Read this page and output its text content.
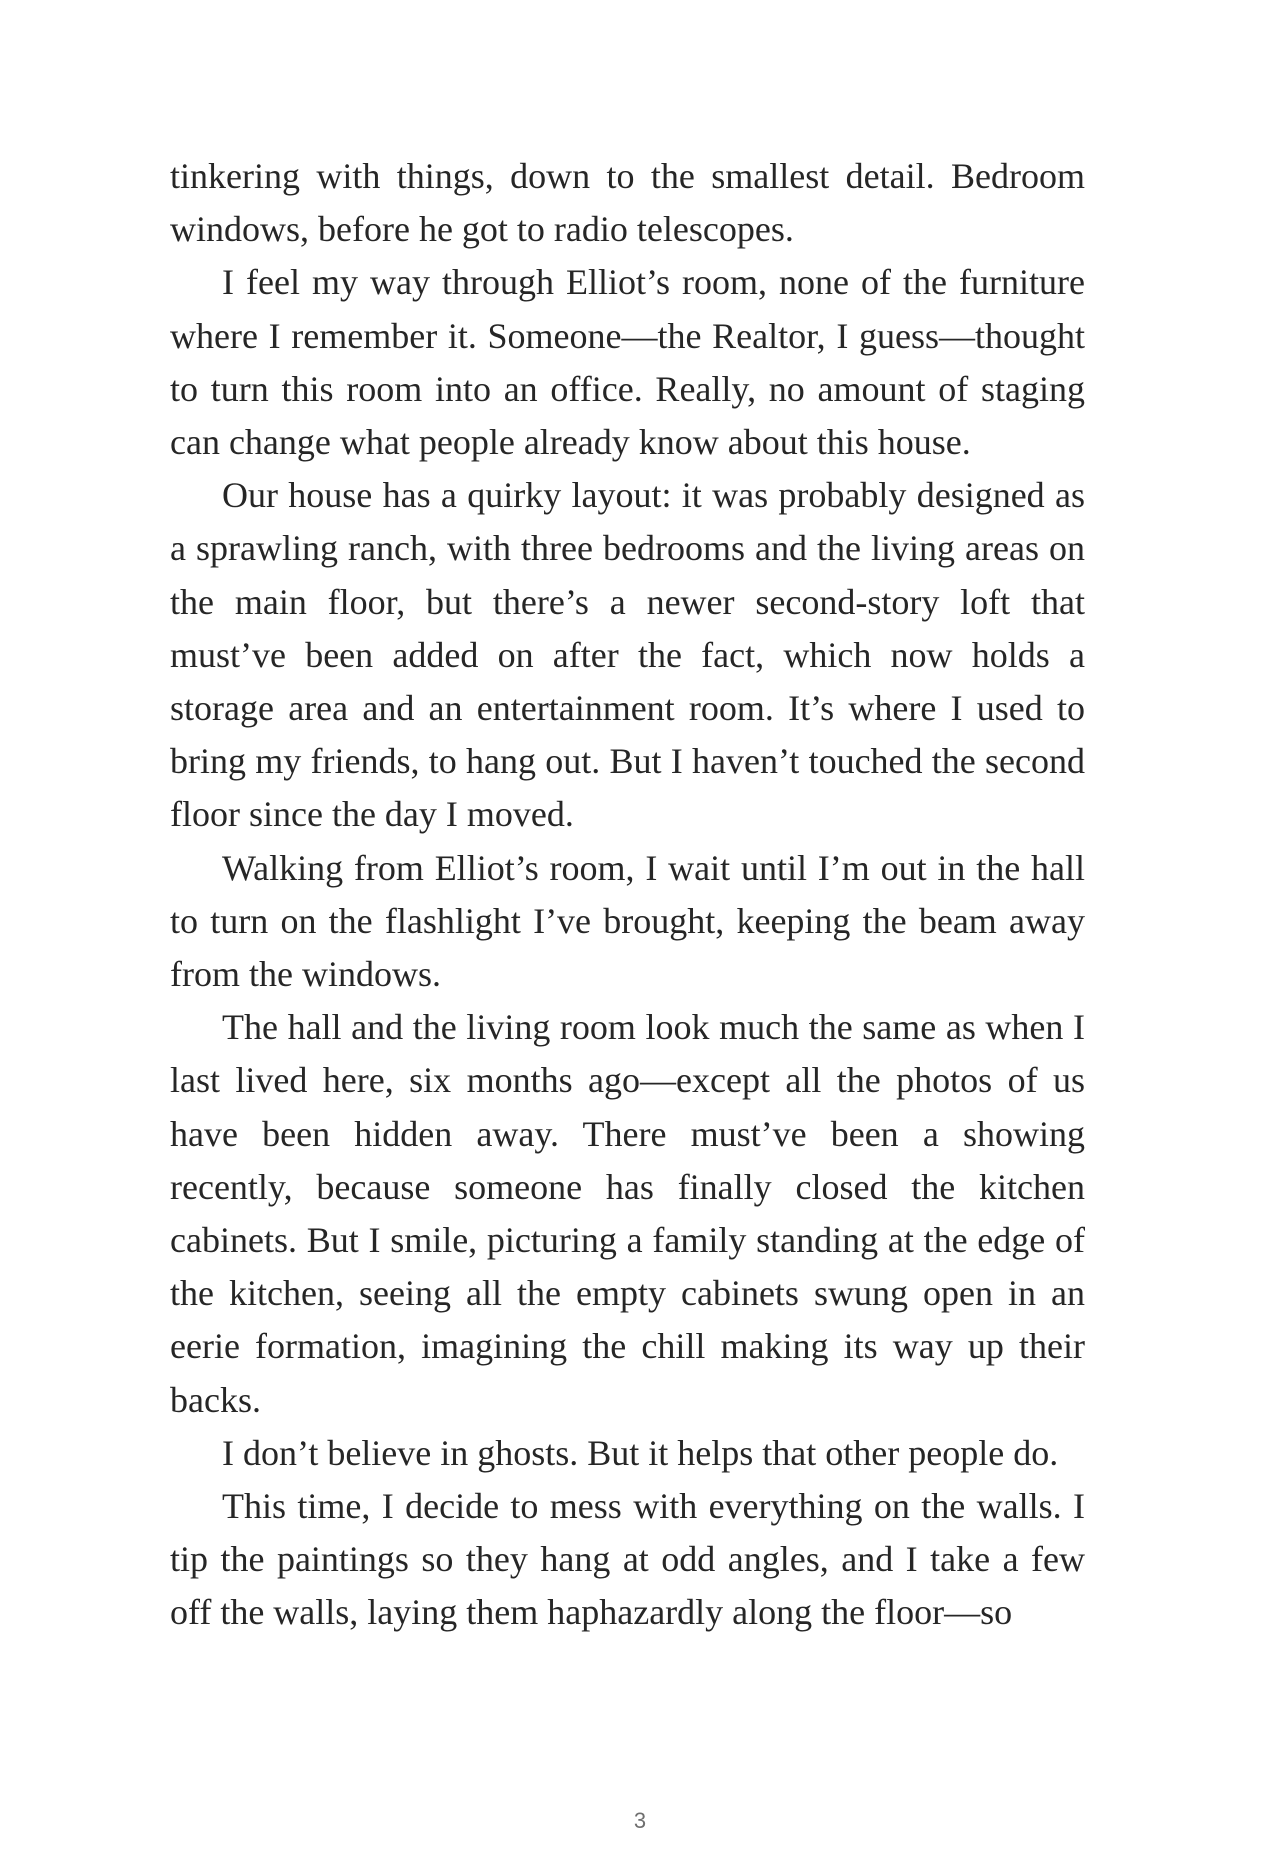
tinkering with things, down to the smallest detail. Bedroom windows, before he got to radio telescopes.

I feel my way through Elliot’s room, none of the furniture where I remember it. Someone—the Realtor, I guess—thought to turn this room into an office. Really, no amount of staging can change what people already know about this house.

Our house has a quirky layout: it was probably designed as a sprawling ranch, with three bedrooms and the living areas on the main floor, but there’s a newer second-story loft that must’ve been added on after the fact, which now holds a storage area and an entertainment room. It’s where I used to bring my friends, to hang out. But I haven’t touched the second floor since the day I moved.

Walking from Elliot’s room, I wait until I’m out in the hall to turn on the flashlight I’ve brought, keeping the beam away from the windows.

The hall and the living room look much the same as when I last lived here, six months ago—except all the photos of us have been hidden away. There must’ve been a showing recently, because someone has finally closed the kitchen cabinets. But I smile, picturing a family standing at the edge of the kitchen, seeing all the empty cabinets swung open in an eerie formation, imagining the chill making its way up their backs.

I don’t believe in ghosts. But it helps that other people do.

This time, I decide to mess with everything on the walls. I tip the paintings so they hang at odd angles, and I take a few off the walls, laying them haphazardly along the floor—so

3
